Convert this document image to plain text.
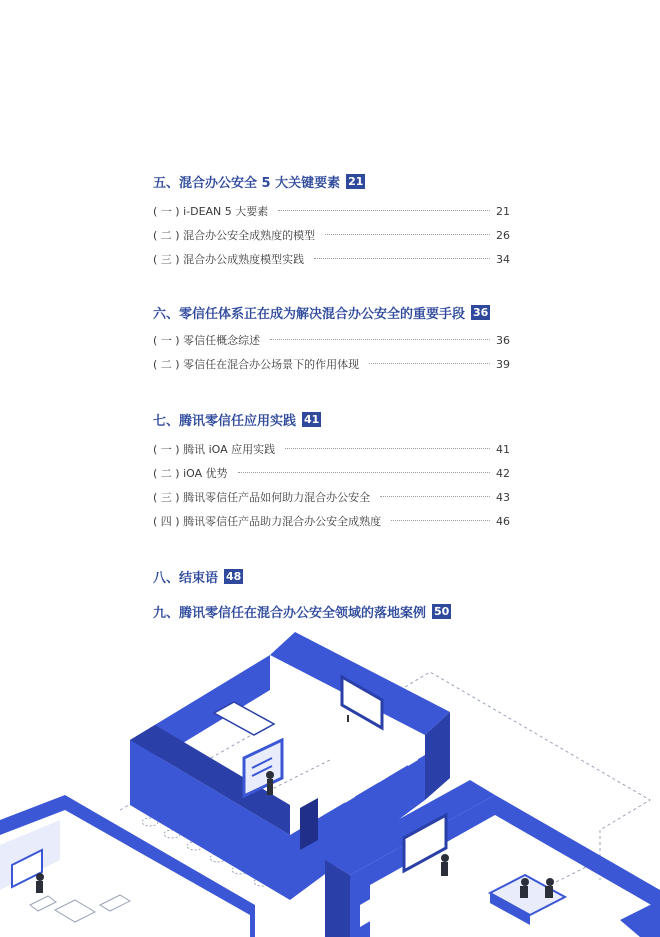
五、混合办公安全 5 大关键要素 21
( 一 ) i-DEAN 5 大要素	21
( 二 ) 混合办公安全成熟度的模型	26
( 三 ) 混合办公成熟度模型实践	34
六、零信任体系正在成为解决混合办公安全的重要手段 36
( 一 ) 零信任概念综述	36
( 二 ) 零信任在混合办公场景下的作用体现	39
七、腾讯零信任应用实践 41
( 一 ) 腾讯 iOA 应用实践	41
( 二 ) iOA 优势	42
( 三 ) 腾讯零信任产品如何助力混合办公安全	43
( 四 ) 腾讯零信任产品助力混合办公安全成熟度	46
八、结束语 48
九、腾讯零信任在混合办公安全领域的落地案例 50
